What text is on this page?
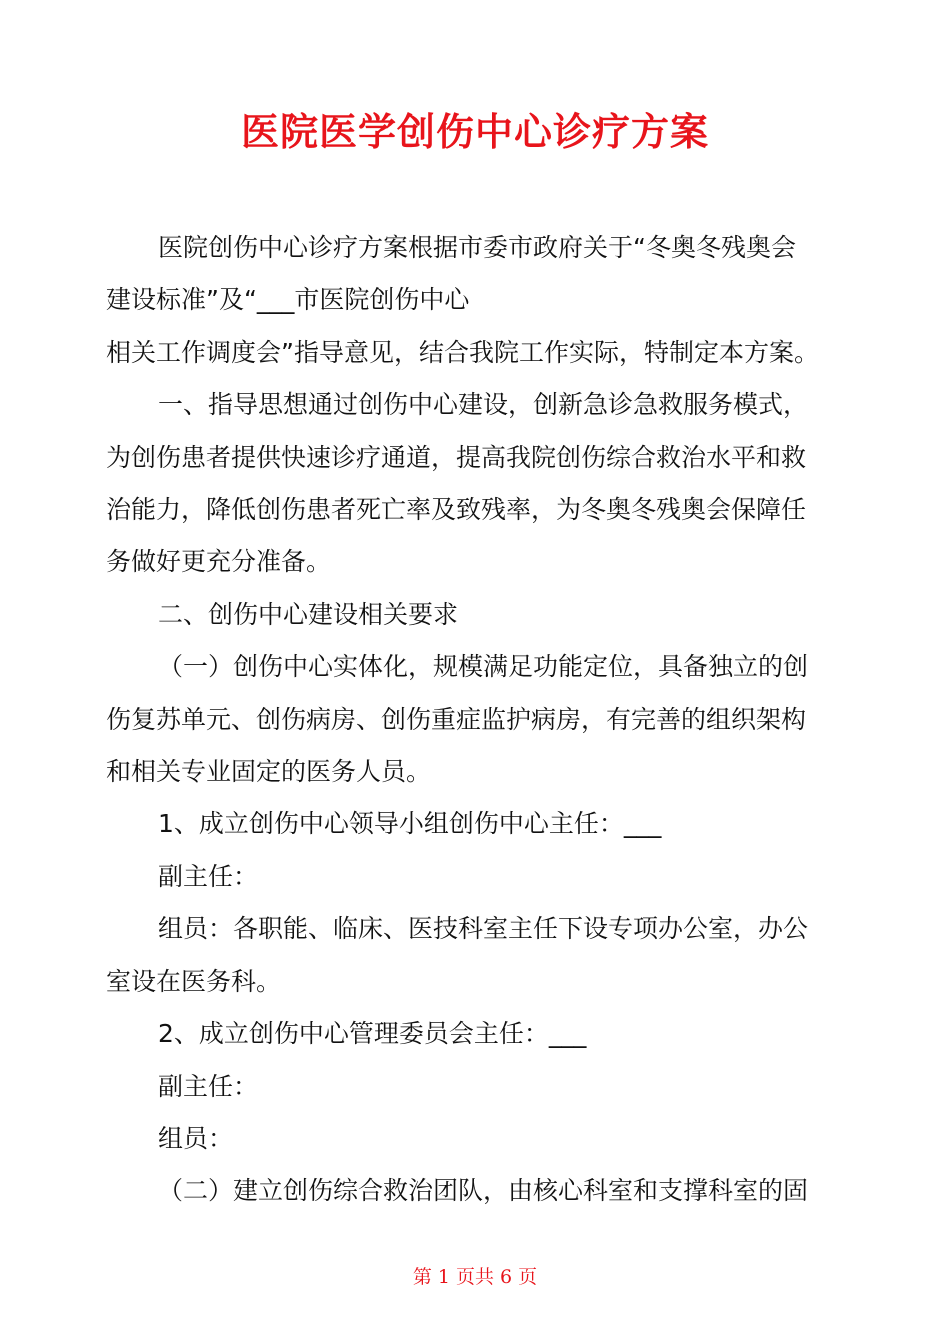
医院医学创伤中心诊疗方案

医院创伤中心诊疗方案根据市委市政府关于“冬奥冬残奥会

建设标准”及“___市医院创伤中心

相关工作调度会”指导意见，结合我院工作实际，特制定本方案。

一、指导思想通过创伤中心建设，创新急诊急救服务模式，

为创伤患者提供快速诊疗通道，提高我院创伤综合救治水平和救

治能力，降低创伤患者死亡率及致残率，为冬奥冬残奥会保障任

务做好更充分准备。

二、创伤中心建设相关要求

（一）创伤中心实体化，规模满足功能定位，具备独立的创

伤复苏单元、创伤病房、创伤重症监护病房，有完善的组织架构

和相关专业固定的医务人员。

1、成立创伤中心领导小组创伤中心主任：___

副主任：

组员：各职能、临床、医技科室主任下设专项办公室，办公

室设在医务科。

2、成立创伤中心管理委员会主任：___

副主任：

组员：

（二）建立创伤综合救治团队，由核心科室和支撑科室的固

第 1 页共 6 页
